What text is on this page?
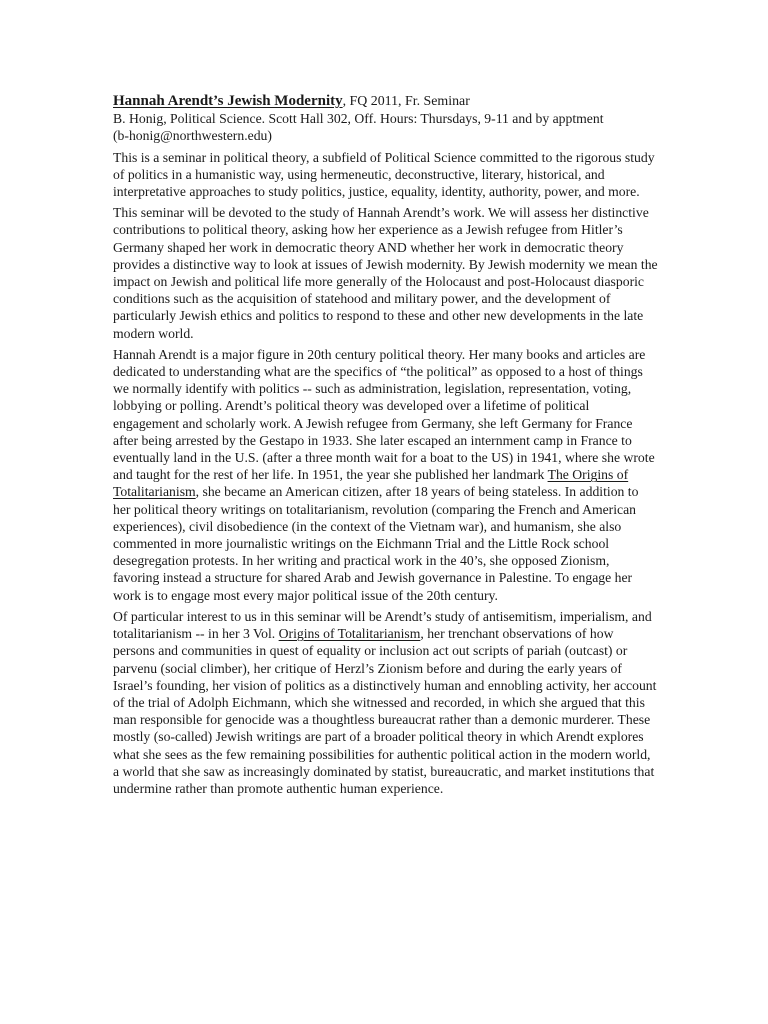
Hannah Arendt’s Jewish Modernity, FQ 2011, Fr. Seminar
B. Honig, Political Science. Scott Hall 302, Off. Hours: Thursdays, 9-11 and by apptment
(b-honig@northwestern.edu)

This is a seminar in political theory, a subfield of Political Science committed to the rigorous study of politics in a humanistic way, using hermeneutic, deconstructive, literary, historical, and interpretative approaches to study politics, justice, equality, identity, authority, power, and more.

This seminar will be devoted to the study of Hannah Arendt’s work. We will assess her distinctive contributions to political theory, asking how her experience as a Jewish refugee from Hitler’s Germany shaped her work in democratic theory AND whether her work in democratic theory provides a distinctive way to look at issues of Jewish modernity. By Jewish modernity we mean the impact on Jewish and political life more generally of the Holocaust and post-Holocaust diasporic conditions such as the acquisition of statehood and military power, and the development of particularly Jewish ethics and politics to respond to these and other new developments in the late modern world.

Hannah Arendt is a major figure in 20th century political theory. Her many books and articles are dedicated to understanding what are the specifics of “the political” as opposed to a host of things we normally identify with politics -- such as administration, legislation, representation, voting, lobbying or polling. Arendt’s political theory was developed over a lifetime of political engagement and scholarly work. A Jewish refugee from Germany, she left Germany for France after being arrested by the Gestapo in 1933. She later escaped an internment camp in France to eventually land in the U.S. (after a three month wait for a boat to the US) in 1941, where she wrote and taught for the rest of her life. In 1951, the year she published her landmark The Origins of Totalitarianism, she became an American citizen, after 18 years of being stateless. In addition to her political theory writings on totalitarianism, revolution (comparing the French and American experiences), civil disobedience (in the context of the Vietnam war), and humanism, she also commented in more journalistic writings on the Eichmann Trial and the Little Rock school desegregation protests. In her writing and practical work in the 40’s, she opposed Zionism, favoring instead a structure for shared Arab and Jewish governance in Palestine. To engage her work is to engage most every major political issue of the 20th century.

Of particular interest to us in this seminar will be Arendt’s study of antisemitism, imperialism, and totalitarianism -- in her 3 Vol. Origins of Totalitarianism, her trenchant observations of how persons and communities in quest of equality or inclusion act out scripts of pariah (outcast) or parvenu (social climber), her critique of Herzl’s Zionism before and during the early years of Israel’s founding, her vision of politics as a distinctively human and ennobling activity, her account of the trial of Adolph Eichmann, which she witnessed and recorded, in which she argued that this man responsible for genocide was a thoughtless bureaucrat rather than a demonic murderer. These mostly (so-called) Jewish writings are part of a broader political theory in which Arendt explores what she sees as the few remaining possibilities for authentic political action in the modern world, a world that she saw as increasingly dominated by statist, bureaucratic, and market institutions that undermine rather than promote authentic human experience.
